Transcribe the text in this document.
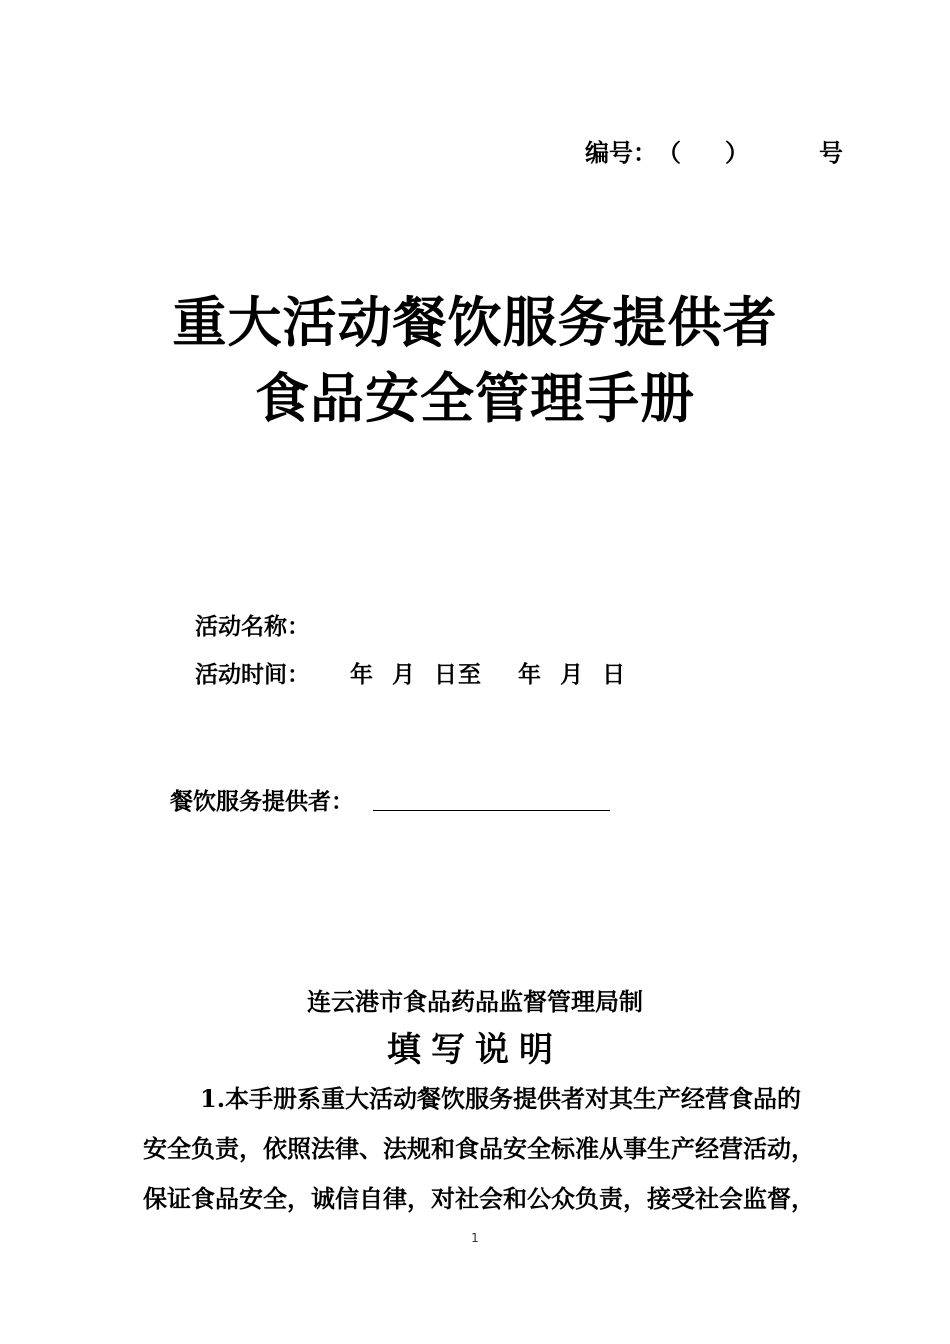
编号：（ ）	号
重大活动餐饮服务提供者
食品安全管理手册
活动名称：
活动时间： 年  月  日至    年  月  日
餐饮服务提供者：
连云港市食品药品监督管理局制
填写说明
1.本手册系重大活动餐饮服务提供者对其生产经营食品的
安全负责，依照法律、法规和食品安全标准从事生产经营活动，
保证食品安全，诚信自律，对社会和公众负责，接受社会监督，
1
